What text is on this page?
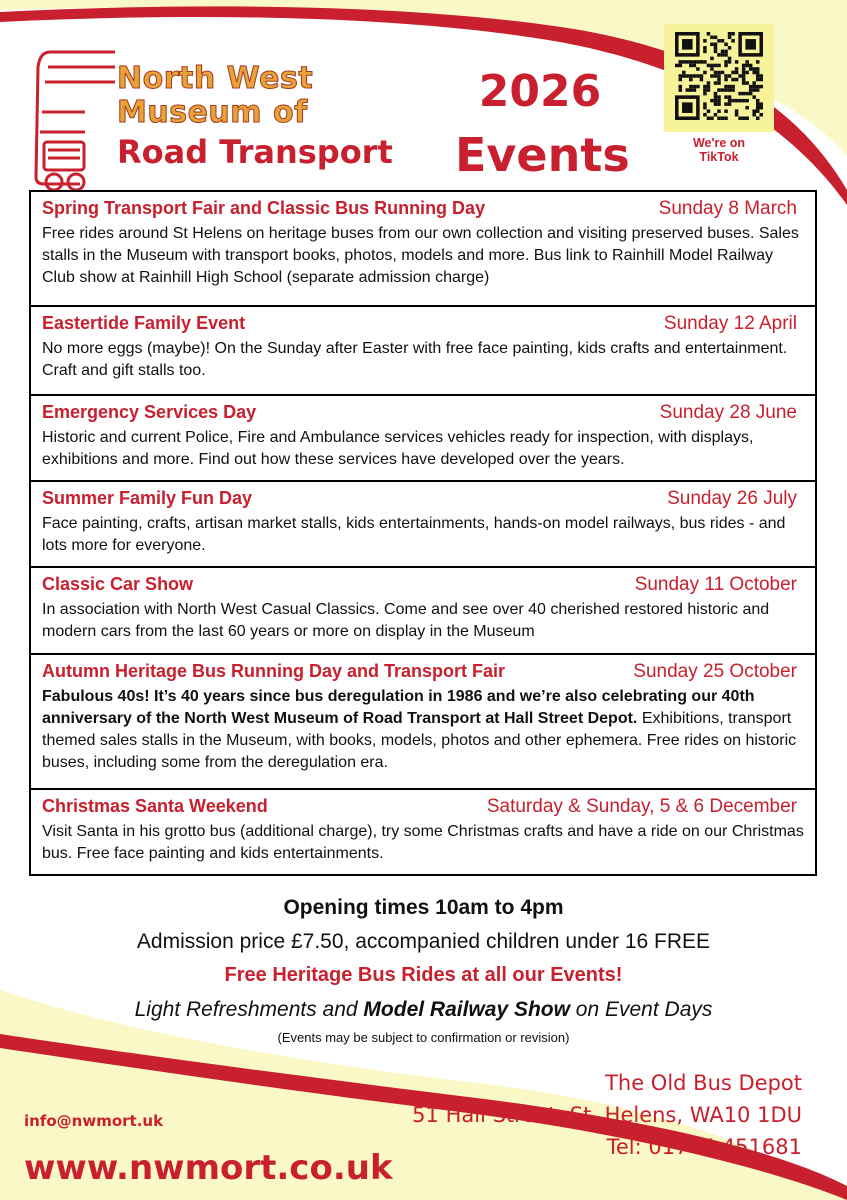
North West
Museum of
Road Transport
2026
Events	We're on
TikTok
Spring Transport Fair and Classic Bus Running Day	Sunday 8 March
Free rides around St Helens on heritage buses from our own collection and visiting preserved buses. Sales stalls in the Museum with transport books, photos, models and more. Bus link to Rainhill Model Railway Club show at Rainhill High School (separate admission charge)
Eastertide Family Event	Sunday 12 April
No more eggs (maybe)! On the Sunday after Easter with free face painting, kids crafts and entertainment. Craft and gift stalls too.
Emergency Services Day	Sunday 28 June
Historic and current Police, Fire and Ambulance services vehicles ready for inspection, with displays, exhibitions and more. Find out how these services have developed over the years.
Summer Family Fun Day	Sunday 26 July
Face painting, crafts, artisan market stalls, kids entertainments, hands-on model railways, bus rides - and lots more for everyone.
Classic Car Show	Sunday 11 October
In association with North West Casual Classics. Come and see over 40 cherished restored historic and modern cars from the last 60 years or more on display in the Museum
Autumn Heritage Bus Running Day and Transport Fair	Sunday 25 October
Fabulous 40s! It’s 40 years since bus deregulation in 1986 and we’re also celebrating our 40th anniversary of the North West Museum of Road Transport at Hall Street Depot. Exhibitions, transport themed sales stalls in the Museum, with books, models, photos and other ephemera. Free rides on historic buses, including some from the deregulation era.
Christmas Santa Weekend	Saturday & Sunday, 5 & 6 December
Visit Santa in his grotto bus (additional charge), try some Christmas crafts and have a ride on our Christmas bus. Free face painting and kids entertainments.
Opening times 10am to 4pm
Admission price £7.50, accompanied children under 16 FREE
Free Heritage Bus Rides at all our Events!
Light Refreshments and Model Railway Show on Event Days
(Events may be subject to confirmation or revision)
The Old Bus Depot
51 Hall Street, St. Helens, WA10 1DU
Tel: 01744 451681
info@nwmort.uk
www.nwmort.co.uk
